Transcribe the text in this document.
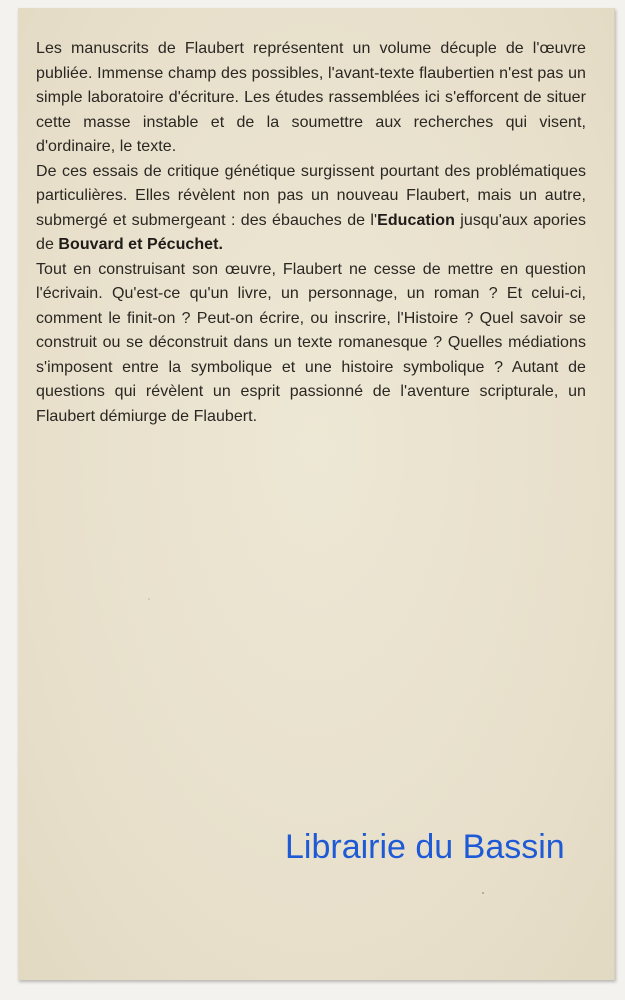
Les manuscrits de Flaubert représentent un volume décuple de l'œuvre publiée. Immense champ des possibles, l'avant-texte flaubertien n'est pas un simple laboratoire d'écriture. Les études rassemblées ici s'efforcent de situer cette masse instable et de la soumettre aux recherches qui visent, d'ordinaire, le texte.

De ces essais de critique génétique surgissent pourtant des problématiques particulières. Elles révèlent non pas un nouveau Flaubert, mais un autre, submergé et submergeant : des ébauches de l'Education jusqu'aux apories de Bouvard et Pécuchet.

Tout en construisant son œuvre, Flaubert ne cesse de mettre en question l'écrivain. Qu'est-ce qu'un livre, un personnage, un roman ? Et celui-ci, comment le finit-on ? Peut-on écrire, ou inscrire, l'Histoire ? Quel savoir se construit ou se déconstruit dans un texte romanesque ? Quelles médiations s'imposent entre la symbolique et une histoire symbolique ? Autant de questions qui révèlent un esprit passionné de l'aventure scripturale, un Flaubert démiurge de Flaubert.

Librairie du Bassin
